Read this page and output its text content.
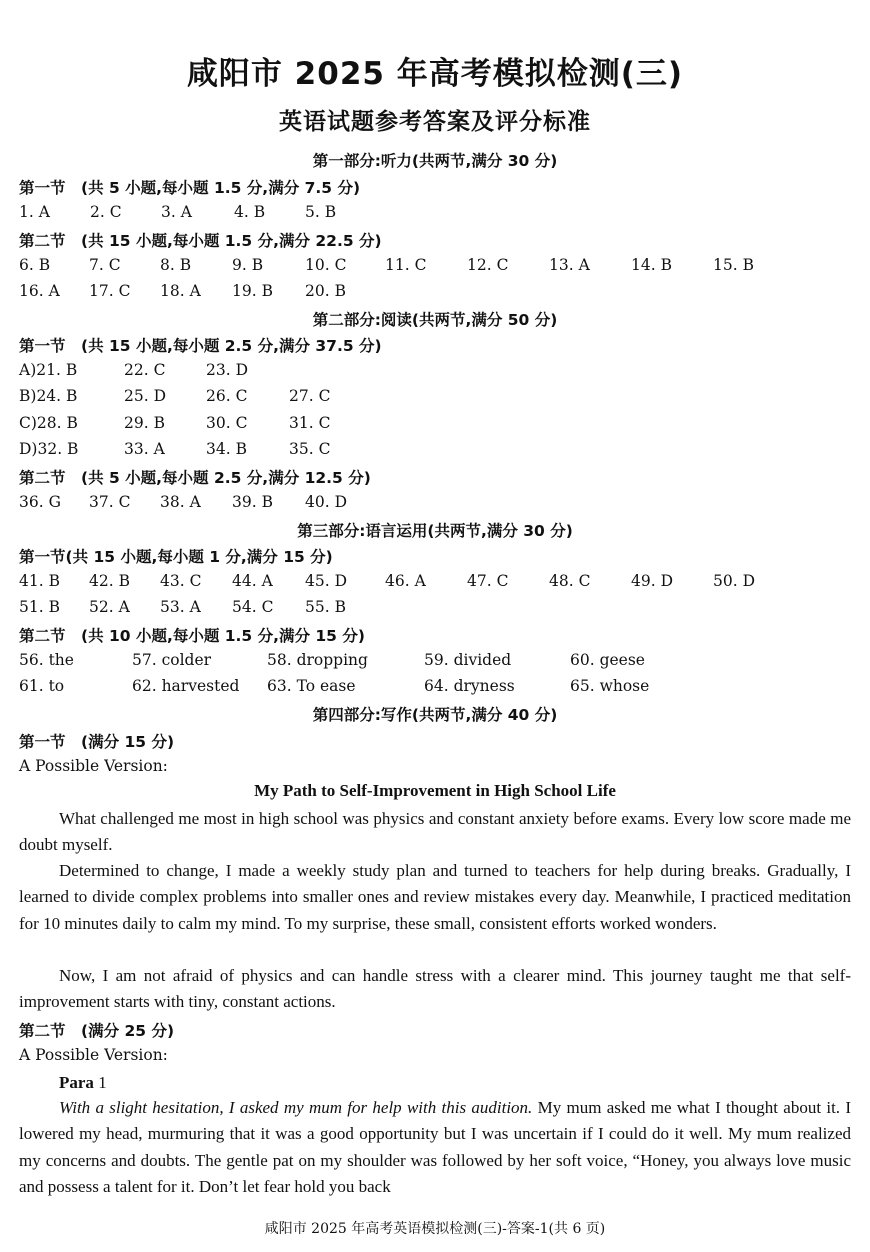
咸阳市 2025 年高考模拟检测(三)
英语试题参考答案及评分标准
第一部分:听力(共两节,满分 30 分)
第一节　(共 5 小题,每小题 1.5 分,满分 7.5 分)
1. A	2. C	3. A	4. B	5. B
第二节　(共 15 小题,每小题 1.5 分,满分 22.5 分)
6. B	7. C	8. B	9. B	10. C 11. C	12. C	13. A	14. B	15. B
16. A 17. C 18. A 19. B 20. B
第二部分:阅读(共两节,满分 50 分)
第一节　(共 15 小题,每小题 2.5 分,满分 37.5 分)
A)21. B	22. C	23. D
B)24. B	25. D	26. C	27. C
C)28. B	29. B	30. C	31. C
D)32. B	33. A	34. B	35. C
第二节　(共 5 小题,每小题 2.5 分,满分 12.5 分)
36. G 37. C 38. A 39. B 40. D
第三部分:语言运用(共两节,满分 30 分)
第一节(共 15 小题,每小题 1 分,满分 15 分)
41. B 42. B 43. C 44. A 45. D 46. A	47. C	48. C	49. D	50. D
51. B 52. A 53. A 54. C 55. B
第二节　(共 10 小题,每小题 1.5 分,满分 15 分)
56. the	57. colder	58. dropping	59. divided	60. geese
61. to	62. harvested 63. To ease	64. dryness	65. whose
第四部分:写作(共两节,满分 40 分)
第一节　(满分 15 分)
A Possible Version:
My Path to Self-Improvement in High School Life

What challenged me most in high school was physics and constant anxiety before exams. Every low score made me doubt myself.

Determined to change, I made a weekly study plan and turned to teachers for help during breaks. Gradually, I learned to divide complex problems into smaller ones and review mistakes every day. Meanwhile, I practiced meditation for 10 minutes daily to calm my mind. To my surprise, these small, consistent efforts worked wonders.

Now, I am not afraid of physics and can handle stress with a clearer mind. This journey taught me that self-improvement starts with tiny, constant actions.

第二节　(满分 25 分)
A Possible Version:
Para 1

With a slight hesitation, I asked my mum for help with this audition. My mum asked me what I thought about it. I lowered my head, murmuring that it was a good opportunity but I was uncertain if I could do it well. My mum realized my concerns and doubts. The gentle pat on my shoulder was followed by her soft voice, “Honey, you always love music and possess a talent for it. Don’t let fear hold you back

咸阳市 2025 年高考英语模拟检测(三)-答案-1(共 6 页)
